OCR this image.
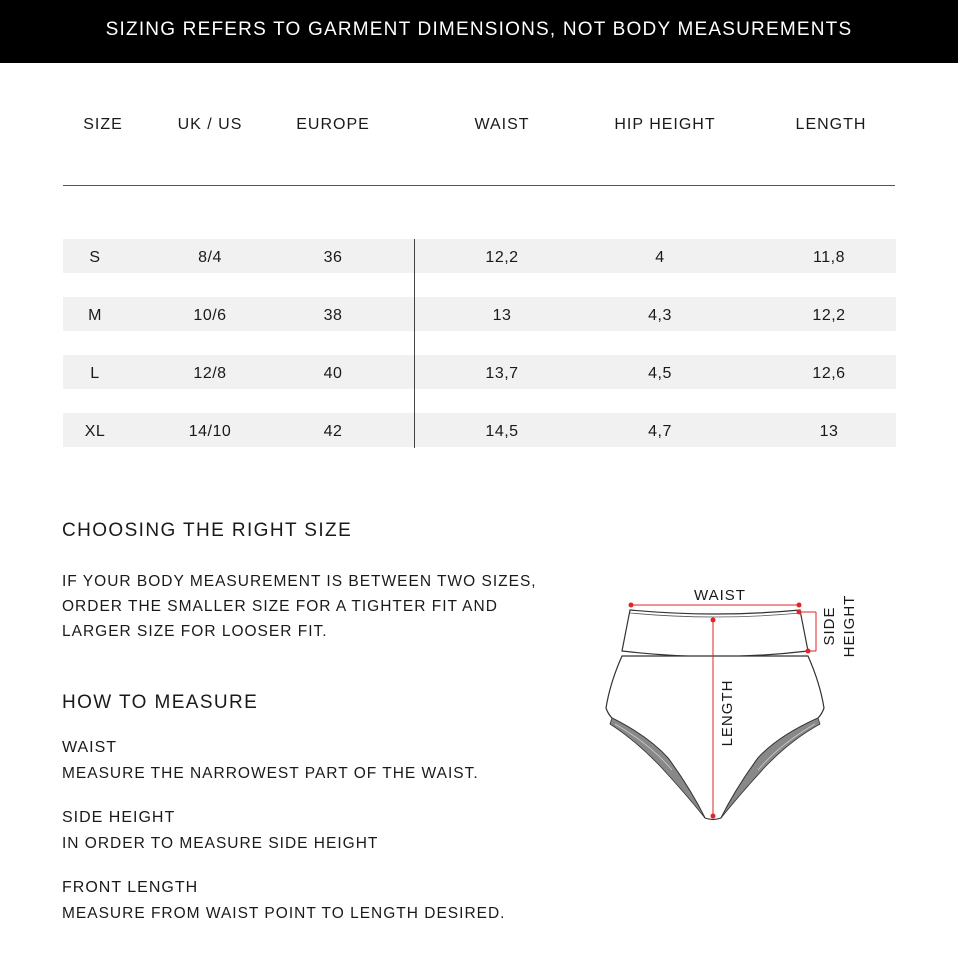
SIZING REFERS TO GARMENT DIMENSIONS, NOT BODY MEASUREMENTS
SIZE	UK / US	EUROPE	WAIST	HIP HEIGHT	LENGTH
S	8/4	36	12,2	4	11,8
M	10/6	38	13	4,3	12,2
L	12/8	40	13,7	4,5	12,6
XL	14/10	42	14,5	4,7	13
CHOOSING THE RIGHT SIZE
IF YOUR BODY MEASUREMENT IS BETWEEN TWO SIZES,
ORDER THE SMALLER SIZE FOR A TIGHTER FIT AND
LARGER SIZE FOR LOOSER FIT.
HOW TO MEASURE
WAIST
MEASURE THE NARROWEST PART OF THE WAIST.
SIDE HEIGHT
IN ORDER TO MEASURE SIDE HEIGHT
FRONT LENGTH
MEASURE FROM WAIST POINT TO LENGTH DESIRED.
WAIST
SIDE HEIGHT
LENGTH
